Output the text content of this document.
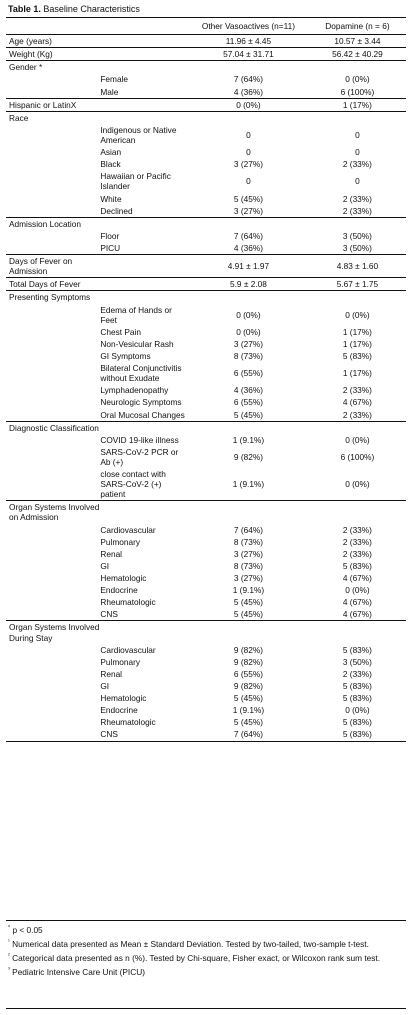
Table 1. Baseline Characteristics
		Other Vasoactives (n=11)	Dopamine (n = 6)
Age (years)		11.96 ± 4.45	10.57 ± 3.44
Weight (Kg)		57.04 ± 31.71	56.42 ± 40.29
Gender *			
	Female	7 (64%)	0 (0%)
	Male	4 (36%)	6 (100%)
Hispanic or LatinX		0 (0%)	1 (17%)
Race			
	Indigenous or Native American	0	0
	Asian	0	0
	Black	3 (27%)	2 (33%)
	Hawaiian or Pacific Islander	0	0
	White	5 (45%)	2 (33%)
	Declined	3 (27%)	2 (33%)
Admission Location			
	Floor	7 (64%)	3 (50%)
	PICU	4 (36%)	3 (50%)
Days of Fever on Admission		4.91 ± 1.97	4.83 ± 1.60
Total Days of Fever		5.9 ± 2.08	5.67 ± 1.75
Presenting Symptoms			
	Edema of Hands or Feet	0 (0%)	0 (0%)
	Chest Pain	0 (0%)	1 (17%)
	Non-Vesicular Rash	3 (27%)	1 (17%)
	GI Symptoms	8 (73%)	5 (83%)
	Bilateral Conjunctivitis without Exudate	6 (55%)	1 (17%)
	Lymphadenopathy	4 (36%)	2 (33%)
	Neurologic Symptoms	6 (55%)	4 (67%)
	Oral Mucosal Changes	5 (45%)	2 (33%)
Diagnostic Classification			
	COVID 19-like illness	1 (9.1%)	0 (0%)
	SARS-CoV-2 PCR or Ab (+)	9 (82%)	6 (100%)
	close contact with SARS-CoV-2 (+) patient	1 (9.1%)	0 (0%)
Organ Systems Involved on Admission			
	Cardiovascular	7 (64%)	2 (33%)
	Pulmonary	8 (73%)	2 (33%)
	Renal	3 (27%)	2 (33%)
	GI	8 (73%)	5 (83%)
	Hematologic	3 (27%)	4 (67%)
	Endocrine	1 (9.1%)	0 (0%)
	Rheumatologic	5 (45%)	4 (67%)
	CNS	5 (45%)	4 (67%)
Organ Systems Involved During Stay			
	Cardiovascular	9 (82%)	5 (83%)
	Pulmonary	9 (82%)	3 (50%)
	Renal	6 (55%)	2 (33%)
	GI	9 (82%)	5 (83%)
	Hematologic	5 (45%)	5 (83%)
	Endocrine	1 (9.1%)	0 (0%)
	Rheumatologic	5 (45%)	5 (83%)
	CNS	7 (64%)	5 (83%)
* p < 0.05
$^{^1}$ Numerical data presented as Mean ± Standard Deviation. Tested by two-tailed, two-sample t-test.
$^{^2}$ Categorical data presented as n (%). Tested by Chi-square, Fisher exact, or Wilcoxon rank sum test.
$^{^3}$ Pediatric Intensive Care Unit (PICU)
